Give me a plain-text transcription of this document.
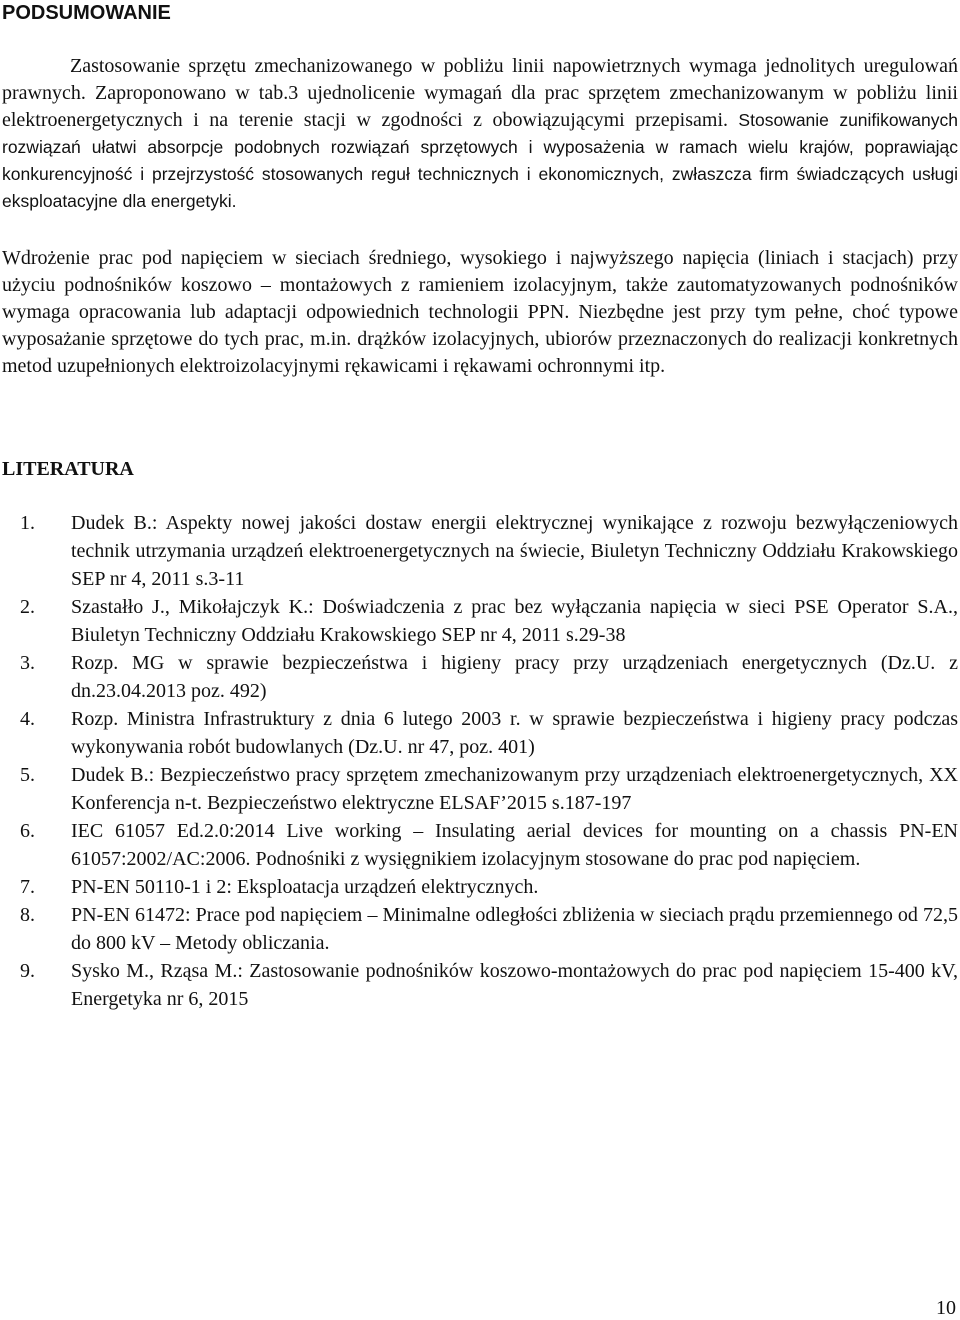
PODSUMOWANIE

Zastosowanie sprzętu zmechanizowanego w pobliżu linii napowietrznych wymaga jednolitych uregulowań prawnych. Zaproponowano w tab.3 ujednolicenie wymagań dla prac sprzętem zmechanizowanym w pobliżu linii elektroenergetycznych i na terenie stacji w zgodności z obowiązującymi przepisami. Stosowanie zunifikowanych rozwiązań ułatwi absorpcje podobnych rozwiązań sprzętowych i wyposażenia w ramach wielu krajów, poprawiając konkurencyjność i przejrzystość stosowanych reguł technicznych i ekonomicznych, zwłaszcza firm świadczących usługi eksploatacyjne dla energetyki.

Wdrożenie prac pod napięciem w sieciach średniego, wysokiego i najwyższego napięcia (liniach i stacjach) przy użyciu podnośników koszowo – montażowych z ramieniem izolacyjnym, także zautomatyzowanych podnośników wymaga opracowania lub adaptacji odpowiednich technologii PPN. Niezbędne jest przy tym pełne, choć typowe wyposażanie sprzętowe do tych prac, m.in. drążków izolacyjnych, ubiorów przeznaczonych do realizacji konkretnych metod uzupełnionych elektroizolacyjnymi rękawicami i rękawami ochronnymi itp.

LITERATURA
1. Dudek B.: Aspekty nowej jakości dostaw energii elektrycznej wynikające z rozwoju bezwyłączeniowych technik utrzymania urządzeń elektroenergetycznych na świecie, Biuletyn Techniczny Oddziału Krakowskiego SEP nr 4, 2011 s.3-11
2. Szastałło J., Mikołajczyk K.: Doświadczenia z prac bez wyłączania napięcia w sieci PSE Operator S.A., Biuletyn Techniczny Oddziału Krakowskiego SEP nr 4, 2011 s.29-38
3. Rozp. MG w sprawie bezpieczeństwa i higieny pracy przy urządzeniach energetycznych (Dz.U. z dn.23.04.2013 poz. 492)
4. Rozp. Ministra Infrastruktury z dnia 6 lutego 2003 r. w sprawie bezpieczeństwa i higieny pracy podczas wykonywania robót budowlanych (Dz.U. nr 47, poz. 401)
5. Dudek B.: Bezpieczeństwo pracy sprzętem zmechanizowanym przy urządzeniach elektroenergetycznych, XX Konferencja n-t. Bezpieczeństwo elektryczne ELSAF’2015 s.187-197
6. IEC 61057 Ed.2.0:2014 Live working – Insulating aerial devices for mounting on a chassis PN-EN 61057:2002/AC:2006. Podnośniki z wysięgnikiem izolacyjnym stosowane do prac pod napięciem.
7. PN-EN 50110-1 i 2: Eksploatacja urządzeń elektrycznych.
8. PN-EN 61472: Prace pod napięciem – Minimalne odległości zbliżenia w sieciach prądu przemiennego od 72,5 do 800 kV – Metody obliczania.
9. Sysko M., Rząsa M.: Zastosowanie podnośników koszowo-montażowych do prac pod napięciem 15-400 kV, Energetyka nr 6, 2015
10
